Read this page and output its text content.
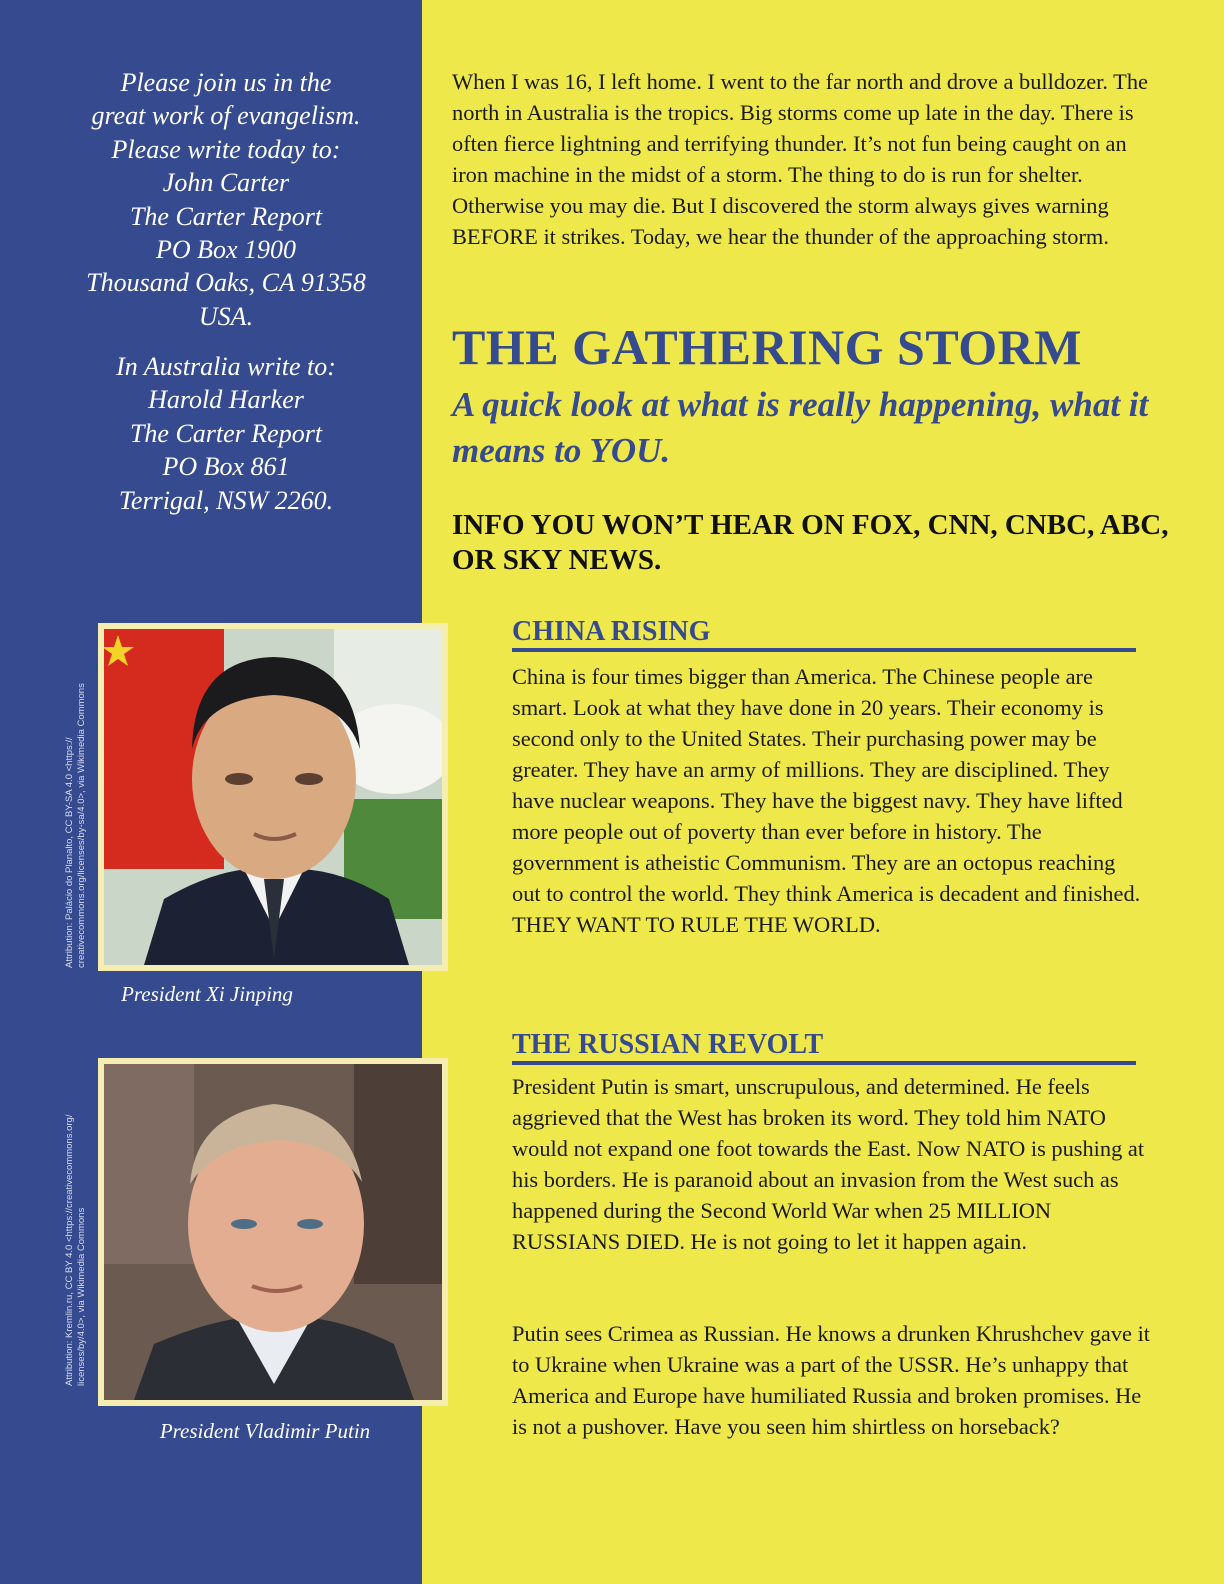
Please join us in the
great work of evangelism.
Please write today to:
John Carter
The Carter Report
PO Box 1900
Thousand Oaks, CA 91358
USA.
In Australia write to:
Harold Harker
The Carter Report
PO Box 861
Terrigal, NSW 2260.
Attribution: Palácio do Planalto, CC BY-SA 4.0 <https:// creativecommons.org/licenses/by-sa/4.0>, via Wikimedia Commons
Attribution: Kremlin.ru, CC BY 4.0 <https://creativecommons.org/ licenses/by/4.0>, via Wikimedia Commons
President Xi Jinping
President Vladimir Putin
When I was 16, I left home. I went to the far north and drove a bulldozer. The north in Australia is the tropics. Big storms come up late in the day. There is often fierce lightning and terrifying thunder. It’s not fun being caught on an iron machine in the midst of a storm. The thing to do is run for shelter. Otherwise you may die. But I discovered the storm always gives warning BEFORE it strikes. Today, we hear the thunder of the approaching storm.
THE GATHERING STORM
A quick look at what is really happening, what it means to YOU.
INFO YOU WON’T HEAR ON FOX, CNN, CNBC, ABC, OR SKY NEWS.
CHINA RISING
China is four times bigger than America. The Chinese people are smart. Look at what they have done in 20 years. Their economy is second only to the United States. Their purchasing power may be greater. They have an army of millions. They are disciplined. They have nuclear weapons. They have the biggest navy. They have lifted more people out of poverty than ever before in history. The government is atheistic Communism. They are an octopus reaching out to control the world. They think America is decadent and finished. THEY WANT TO RULE THE WORLD.
THE RUSSIAN REVOLT
President Putin is smart, unscrupulous, and determined. He feels aggrieved that the West has broken its word. They told him NATO would not expand one foot towards the East. Now NATO is pushing at his borders. He is paranoid about an invasion from the West such as happened during the Second World War when 25 MILLION RUSSIANS DIED. He is not going to let it happen again.
Putin sees Crimea as Russian. He knows a drunken Khrushchev gave it to Ukraine when Ukraine was a part of the USSR. He’s unhappy that America and Europe have humiliated Russia and broken promises. He is not a pushover. Have you seen him shirtless on horseback?
